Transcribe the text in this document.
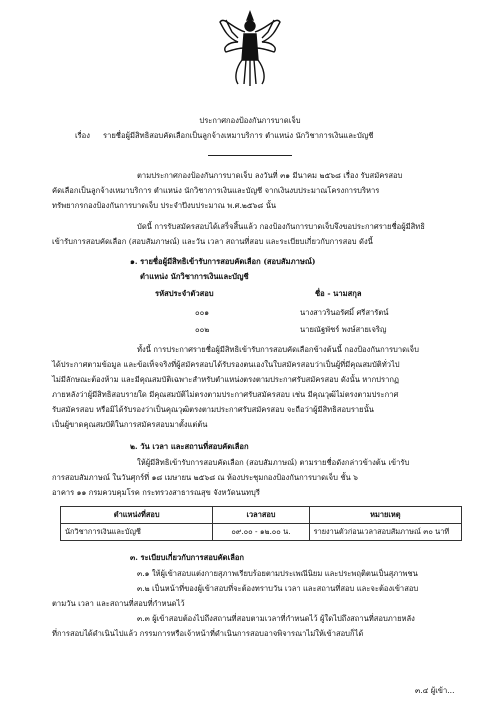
ประกาศกองป้องกันการบาดเจ็บ
เรื่อง รายชื่อผู้มีสิทธิสอบคัดเลือกเป็นลูกจ้างเหมาบริการ ตำแหน่ง นักวิชาการเงินและบัญชี
ตามประกาศกองป้องกันการบาดเจ็บ ลงวันที่ ๓๑ มีนาคม ๒๕๖๘ เรื่อง รับสมัครสอบ
คัดเลือกเป็นลูกจ้างเหมาบริการ ตำแหน่ง นักวิชาการเงินและบัญชี จากเงินงบประมาณโครงการบริหาร
ทรัพยากรกองป้องกันการบาดเจ็บ ประจำปีงบประมาณ พ.ศ.๒๕๖๘ นั้น
บัดนี้ การรับสมัครสอบได้เสร็จสิ้นแล้ว กองป้องกันการบาดเจ็บจึงขอประกาศรายชื่อผู้มีสิทธิ
เข้ารับการสอบคัดเลือก (สอบสัมภาษณ์) และวัน เวลา สถานที่สอบ และระเบียบเกี่ยวกับการสอบ ดังนี้
๑. รายชื่อผู้มีสิทธิเข้ารับการสอบคัดเลือก (สอบสัมภาษณ์)
ตำแหน่ง นักวิชาการเงินและบัญชี
รหัสประจำตัวสอบ	ชื่อ - นามสกุล
๐๐๑	นางสาวรินอรัศมิ์ ศรีสารัตน์
๐๐๒	นายณัฐพัชร์ พงษ์สายเจริญ
ทั้งนี้ การประกาศรายชื่อผู้มีสิทธิเข้ารับการสอบคัดเลือกข้างต้นนี้ กองป้องกันการบาดเจ็บ
ได้ประกาศตามข้อมูล และข้อเท็จจริงที่ผู้สมัครสอบได้รับรองตนเองในใบสมัครสอบว่าเป็นผู้ที่มีคุณสมบัติทั่วไป
ไม่มีลักษณะต้องห้าม และมีคุณสมบัติเฉพาะสำหรับตำแหน่งตรงตามประกาศรับสมัครสอบ ดังนั้น หากปรากฏ
ภายหลังว่าผู้มีสิทธิสอบรายใด มีคุณสมบัติไม่ตรงตามประกาศรับสมัครสอบ เช่น มีคุณวุฒิไม่ตรงตามประกาศ
รับสมัครสอบ หรือมิได้รับรองว่าเป็นคุณวุฒิตรงตามประกาศรับสมัครสอบ จะถือว่าผู้มีสิทธิสอบรายนั้น
เป็นผู้ขาดคุณสมบัติในการสมัครสอบมาตั้งแต่ต้น
๒. วัน เวลา และสถานที่สอบคัดเลือก
ให้ผู้มีสิทธิเข้ารับการสอบคัดเลือก (สอบสัมภาษณ์) ตามรายชื่อดังกล่าวข้างต้น เข้ารับ
การสอบสัมภาษณ์ ในวันศุกร์ที่ ๑๘ เมษายน ๒๕๖๘ ณ ห้องประชุมกองป้องกันการบาดเจ็บ ชั้น ๖
อาคาร ๑๑ กรมควบคุมโรค กระทรวงสาธารณสุข จังหวัดนนทบุรี
ตำแหน่งที่สอบ	เวลาสอบ	หมายเหตุ
นักวิชาการเงินและบัญชี	๐๙.๐๐ - ๑๒.๐๐ น.	รายงานตัวก่อนเวลาสอบสัมภาษณ์ ๓๐ นาที
๓. ระเบียบเกี่ยวกับการสอบคัดเลือก
๓.๑ ให้ผู้เข้าสอบแต่งกายสุภาพเรียบร้อยตามประเพณีนิยม และประพฤติตนเป็นสุภาพชน
๓.๒ เป็นหน้าที่ของผู้เข้าสอบที่จะต้องทราบวัน เวลา และสถานที่สอบ และจะต้องเข้าสอบ
ตามวัน เวลา และสถานที่สอบที่กำหนดไว้
๓.๓ ผู้เข้าสอบต้องไปถึงสถานที่สอบตามเวลาที่กำหนดไว้ ผู้ใดไปถึงสถานที่สอบภายหลัง
ที่การสอบได้ดำเนินไปแล้ว กรรมการหรือเจ้าหน้าที่ดำเนินการสอบอาจพิจารณาไม่ให้เข้าสอบก็ได้
๓.๔ ผู้เข้า...
